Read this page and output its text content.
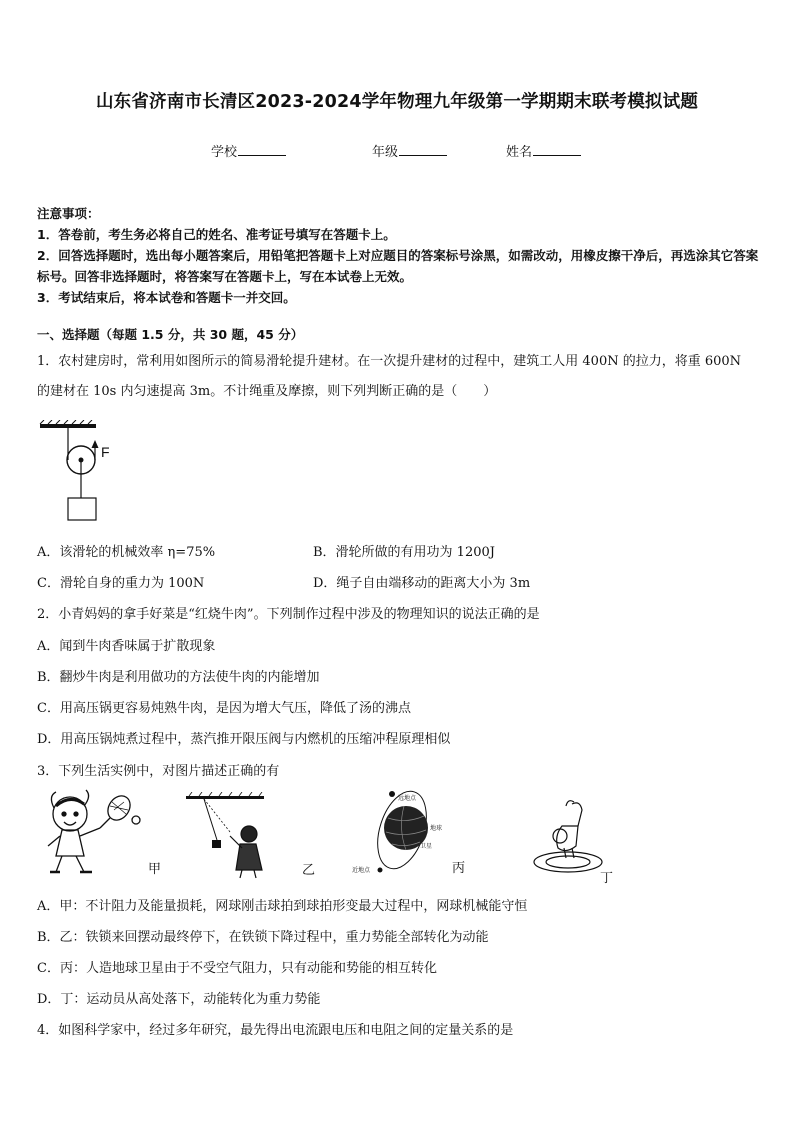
山东省济南市长清区2023-2024学年物理九年级第一学期期末联考模拟试题
学校	年级	姓名

注意事项：

1．答卷前，考生务必将自己的姓名、准考证号填写在答题卡上。

2．回答选择题时，选出每小题答案后，用铅笔把答题卡上对应题目的答案标号涂黑，如需改动，用橡皮擦干净后，再选涂其它答案标号。回答非选择题时，将答案写在答题卡上，写在本试卷上无效。

3．考试结束后，将本试卷和答题卡一并交回。

一、选择题（每题 1.5 分，共 30 题，45 分）
1．农村建房时，常利用如图所示的简易滑轮提升建材。在一次提升建材的过程中，建筑工人用 400N 的拉力，将重 600N
的建材在 10s 内匀速提高 3m。不计绳重及摩擦，则下列判断正确的是（　　）
F
A．该滑轮的机械效率 η=75%	B．滑轮所做的有用功为 1200J
C．滑轮自身的重力为 100N	D．绳子自由端移动的距离大小为 3m
2．小青妈妈的拿手好菜是“红烧牛肉”。下列制作过程中涉及的物理知识的说法正确的是
A．闻到牛肉香味属于扩散现象
B．翻炒牛肉是利用做功的方法使牛肉的内能增加
C．用高压锅更容易炖熟牛肉，是因为增大气压，降低了汤的沸点
D．用高压锅炖煮过程中，蒸汽推开限压阀与内燃机的压缩冲程原理相似
3．下列生活实例中，对图片描述正确的有
甲	乙
远地点
地球
卫星
近地点	丙
丁
A．甲：不计阻力及能量损耗，网球刚击球拍到球拍形变最大过程中，网球机械能守恒
B．乙：铁锁来回摆动最终停下，在铁锁下降过程中，重力势能全部转化为动能
C．丙：人造地球卫星由于不受空气阻力，只有动能和势能的相互转化
D．丁：运动员从高处落下，动能转化为重力势能
4．如图科学家中，经过多年研究，最先得出电流跟电压和电阻之间的定量关系的是
